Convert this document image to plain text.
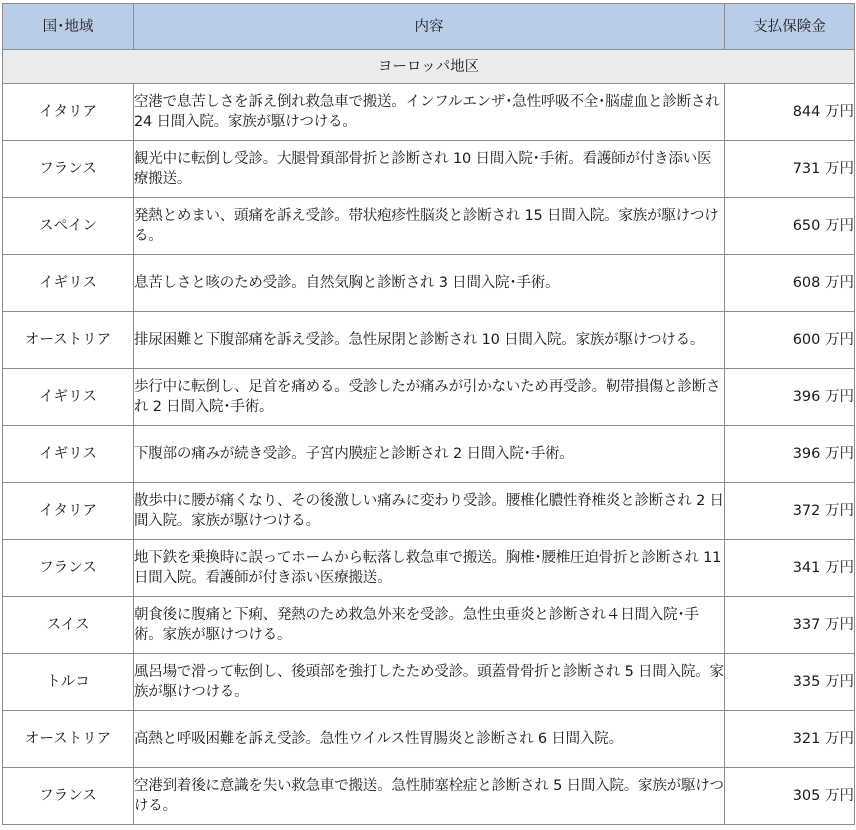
国･地域	内容	支払保険金
ヨーロッパ地区		
イタリア	空港で息苦しさを訴え倒れ救急車で搬送。インフルエンザ･急性呼吸不全･脳虚血と診断され 24 日間入院。家族が駆けつける。	844 万円
フランス	観光中に転倒し受診。大腿骨頚部骨折と診断され 10 日間入院･手術。看護師が付き添い医療搬送。	731 万円
スペイン	発熱とめまい、頭痛を訴え受診。帯状疱疹性脳炎と診断され 15 日間入院。家族が駆けつける。	650 万円
イギリス	息苦しさと咳のため受診。自然気胸と診断され 3 日間入院･手術。	608 万円
オーストリア	排尿困難と下腹部痛を訴え受診。急性尿閉と診断され 10 日間入院。家族が駆けつける。	600 万円
イギリス	歩行中に転倒し、足首を痛める。受診したが痛みが引かないため再受診。靭帯損傷と診断され 2 日間入院･手術。	396 万円
イギリス	下腹部の痛みが続き受診。子宮内膜症と診断され 2 日間入院･手術。	396 万円
イタリア	散歩中に腰が痛くなり、その後激しい痛みに変わり受診。腰椎化膿性脊椎炎と診断され 2 日間入院。家族が駆けつける。	372 万円
フランス	地下鉄を乗換時に誤ってホームから転落し救急車で搬送。胸椎･腰椎圧迫骨折と診断され 11 日間入院。看護師が付き添い医療搬送。	341 万円
スイス	朝食後に腹痛と下痢、発熱のため救急外来を受診。急性虫垂炎と診断され４日間入院･手術。家族が駆けつける。	337 万円
トルコ	風呂場で滑って転倒し、後頭部を強打したため受診。頭蓋骨骨折と診断され 5 日間入院。家族が駆けつける。	335 万円
オーストリア	高熱と呼吸困難を訴え受診。急性ウイルス性胃腸炎と診断され 6 日間入院。	321 万円
フランス	空港到着後に意識を失い救急車で搬送。急性肺塞栓症と診断され 5 日間入院。家族が駆けつける。	305 万円
